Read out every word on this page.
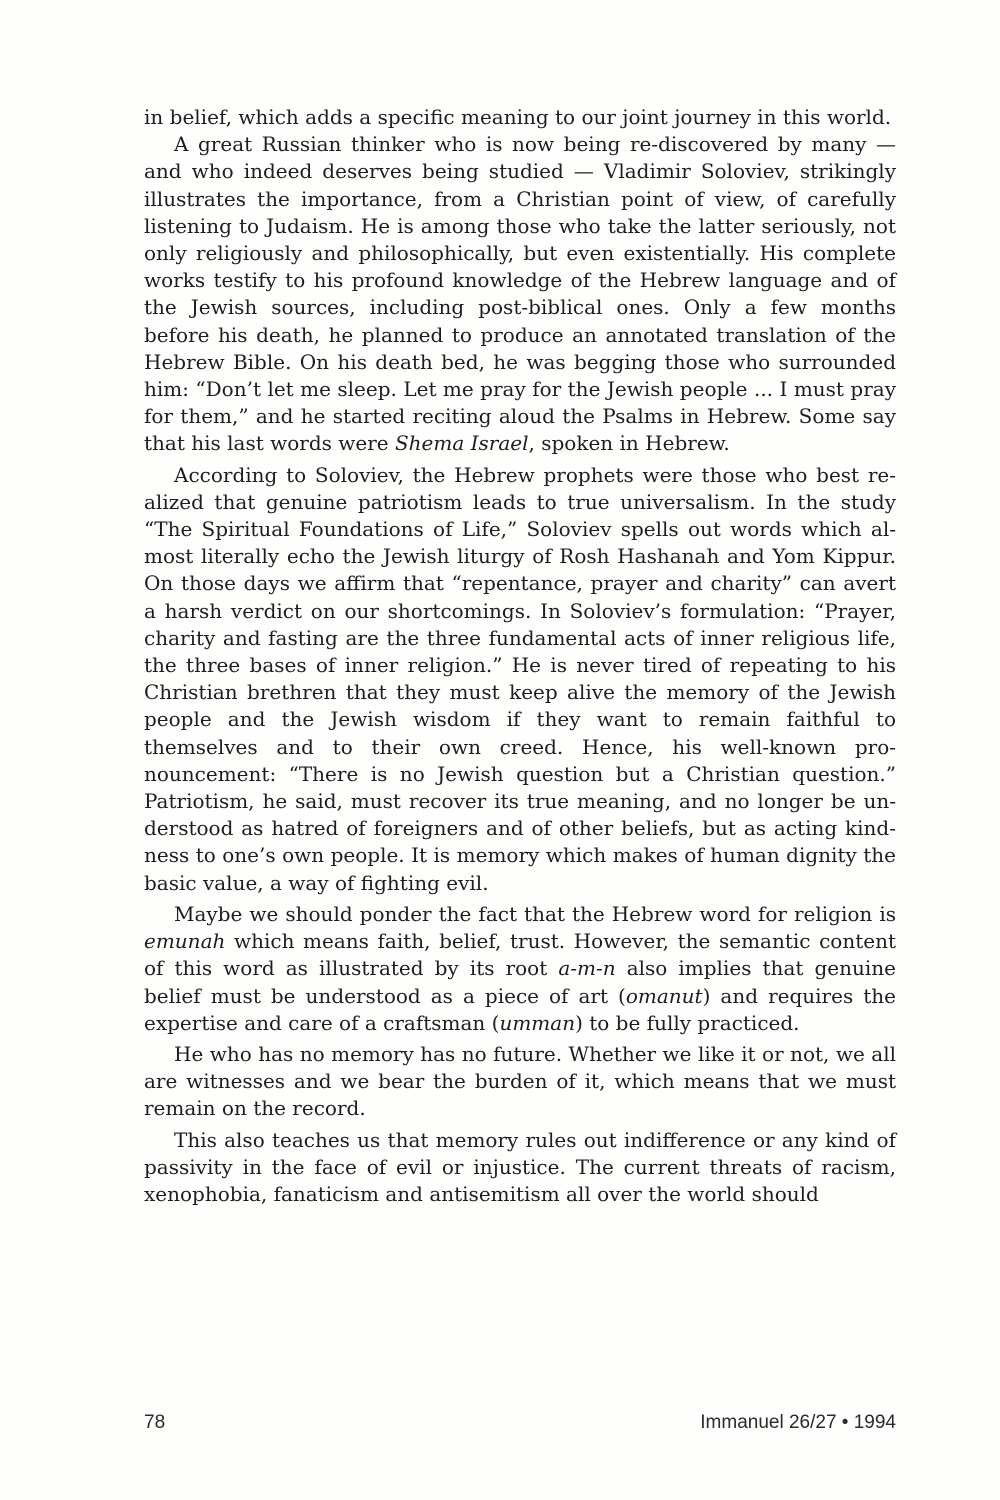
in belief, which adds a specific meaning to our joint journey in this world.

A great Russian thinker who is now being re-discovered by many — and who indeed deserves being studied — Vladimir Soloviev, strikingly illustrates the importance, from a Christian point of view, of carefully listening to Judaism. He is among those who take the latter seriously, not only religiously and philosophically, but even existentially. His complete works testify to his profound knowledge of the Hebrew language and of the Jewish sources, including post-biblical ones. Only a few months before his death, he planned to produce an annotated translation of the Hebrew Bible. On his death bed, he was begging those who surrounded him: “Don’t let me sleep. Let me pray for the Jewish people ... I must pray for them,” and he started reciting aloud the Psalms in Hebrew. Some say that his last words were Shema Israel, spoken in Hebrew.

According to Soloviev, the Hebrew prophets were those who best realized that genuine patriotism leads to true universalism. In the study “The Spiritual Foundations of Life,” Soloviev spells out words which almost literally echo the Jewish liturgy of Rosh Hashanah and Yom Kippur. On those days we affirm that “repentance, prayer and charity” can avert a harsh verdict on our shortcomings. In Soloviev’s formulation: “Prayer, charity and fasting are the three fundamental acts of inner religious life, the three bases of inner religion.” He is never tired of repeating to his Christian brethren that they must keep alive the memory of the Jewish people and the Jewish wisdom if they want to remain faithful to themselves and to their own creed. Hence, his well-known pronouncement: “There is no Jewish question but a Christian question.” Patriotism, he said, must recover its true meaning, and no longer be understood as hatred of foreigners and of other beliefs, but as acting kindness to one’s own people. It is memory which makes of human dignity the basic value, a way of fighting evil.

Maybe we should ponder the fact that the Hebrew word for religion is emunah which means faith, belief, trust. However, the semantic content of this word as illustrated by its root a-m-n also implies that genuine belief must be understood as a piece of art (omanut) and requires the expertise and care of a craftsman (umman) to be fully practiced.

He who has no memory has no future. Whether we like it or not, we all are witnesses and we bear the burden of it, which means that we must remain on the record.

This also teaches us that memory rules out indifference or any kind of passivity in the face of evil or injustice. The current threats of racism, xenophobia, fanaticism and antisemitism all over the world should

78	Immanuel 26/27 • 1994
